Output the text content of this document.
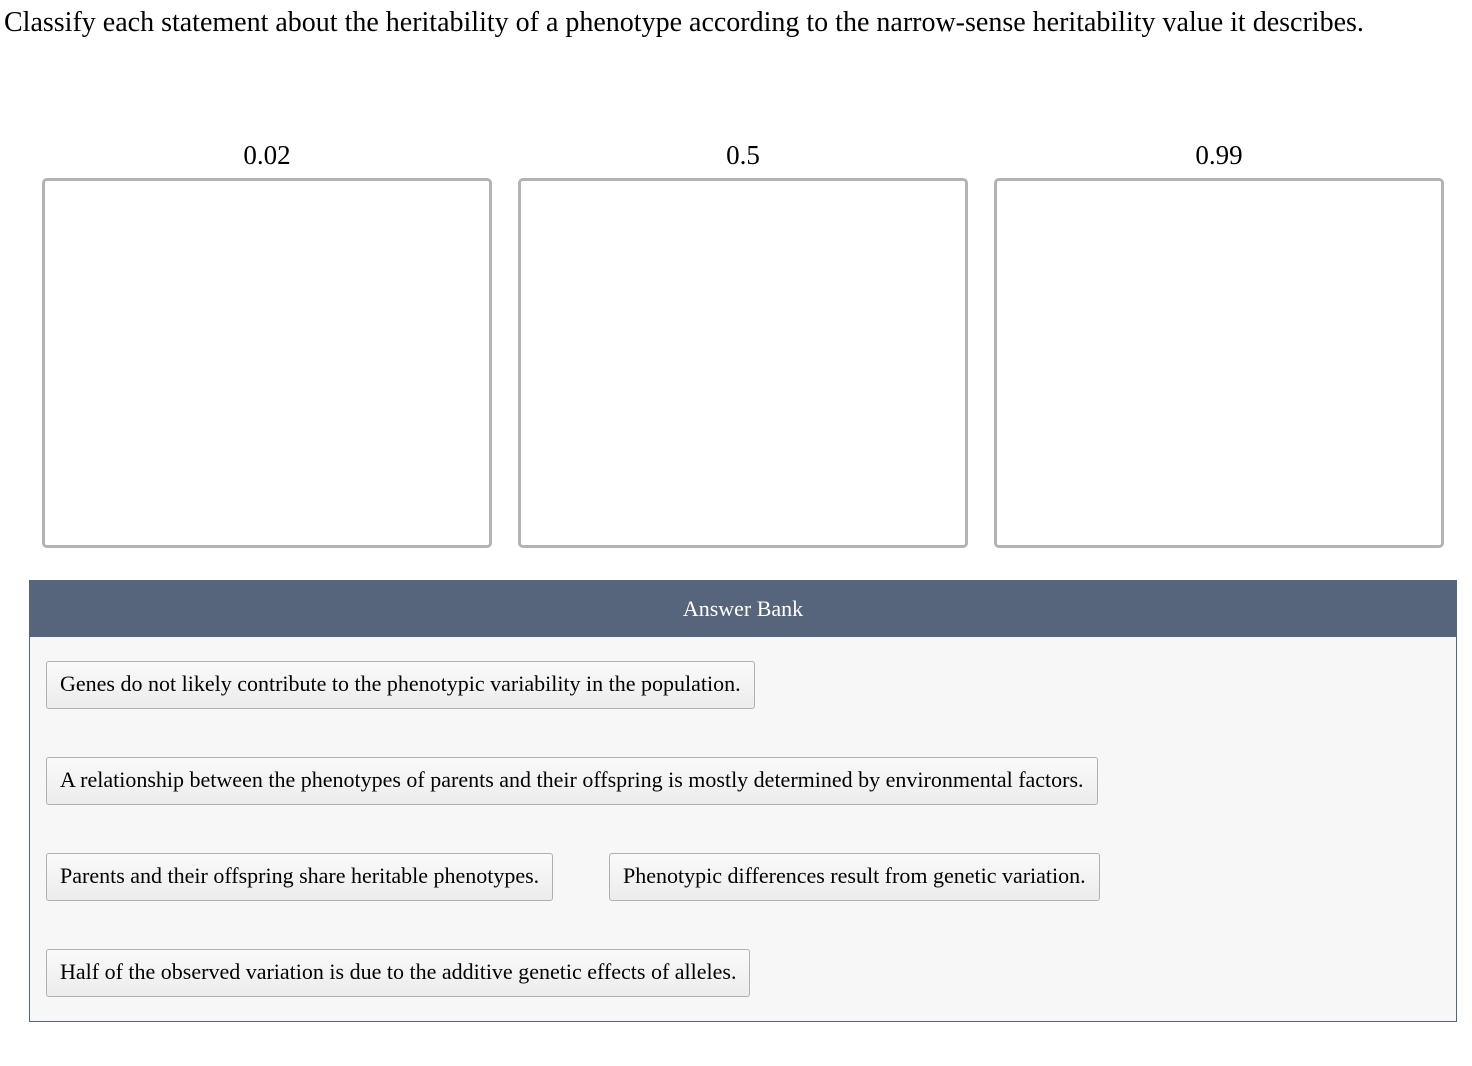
Classify each statement about the heritability of a phenotype according to the narrow-sense heritability value it describes.
0.02	0.5	0.99
Answer Bank
Genes do not likely contribute to the phenotypic variability in the population.
A relationship between the phenotypes of parents and their offspring is mostly determined by environmental factors.
Parents and their offspring share heritable phenotypes.	Phenotypic differences result from genetic variation.
Half of the observed variation is due to the additive genetic effects of alleles.
